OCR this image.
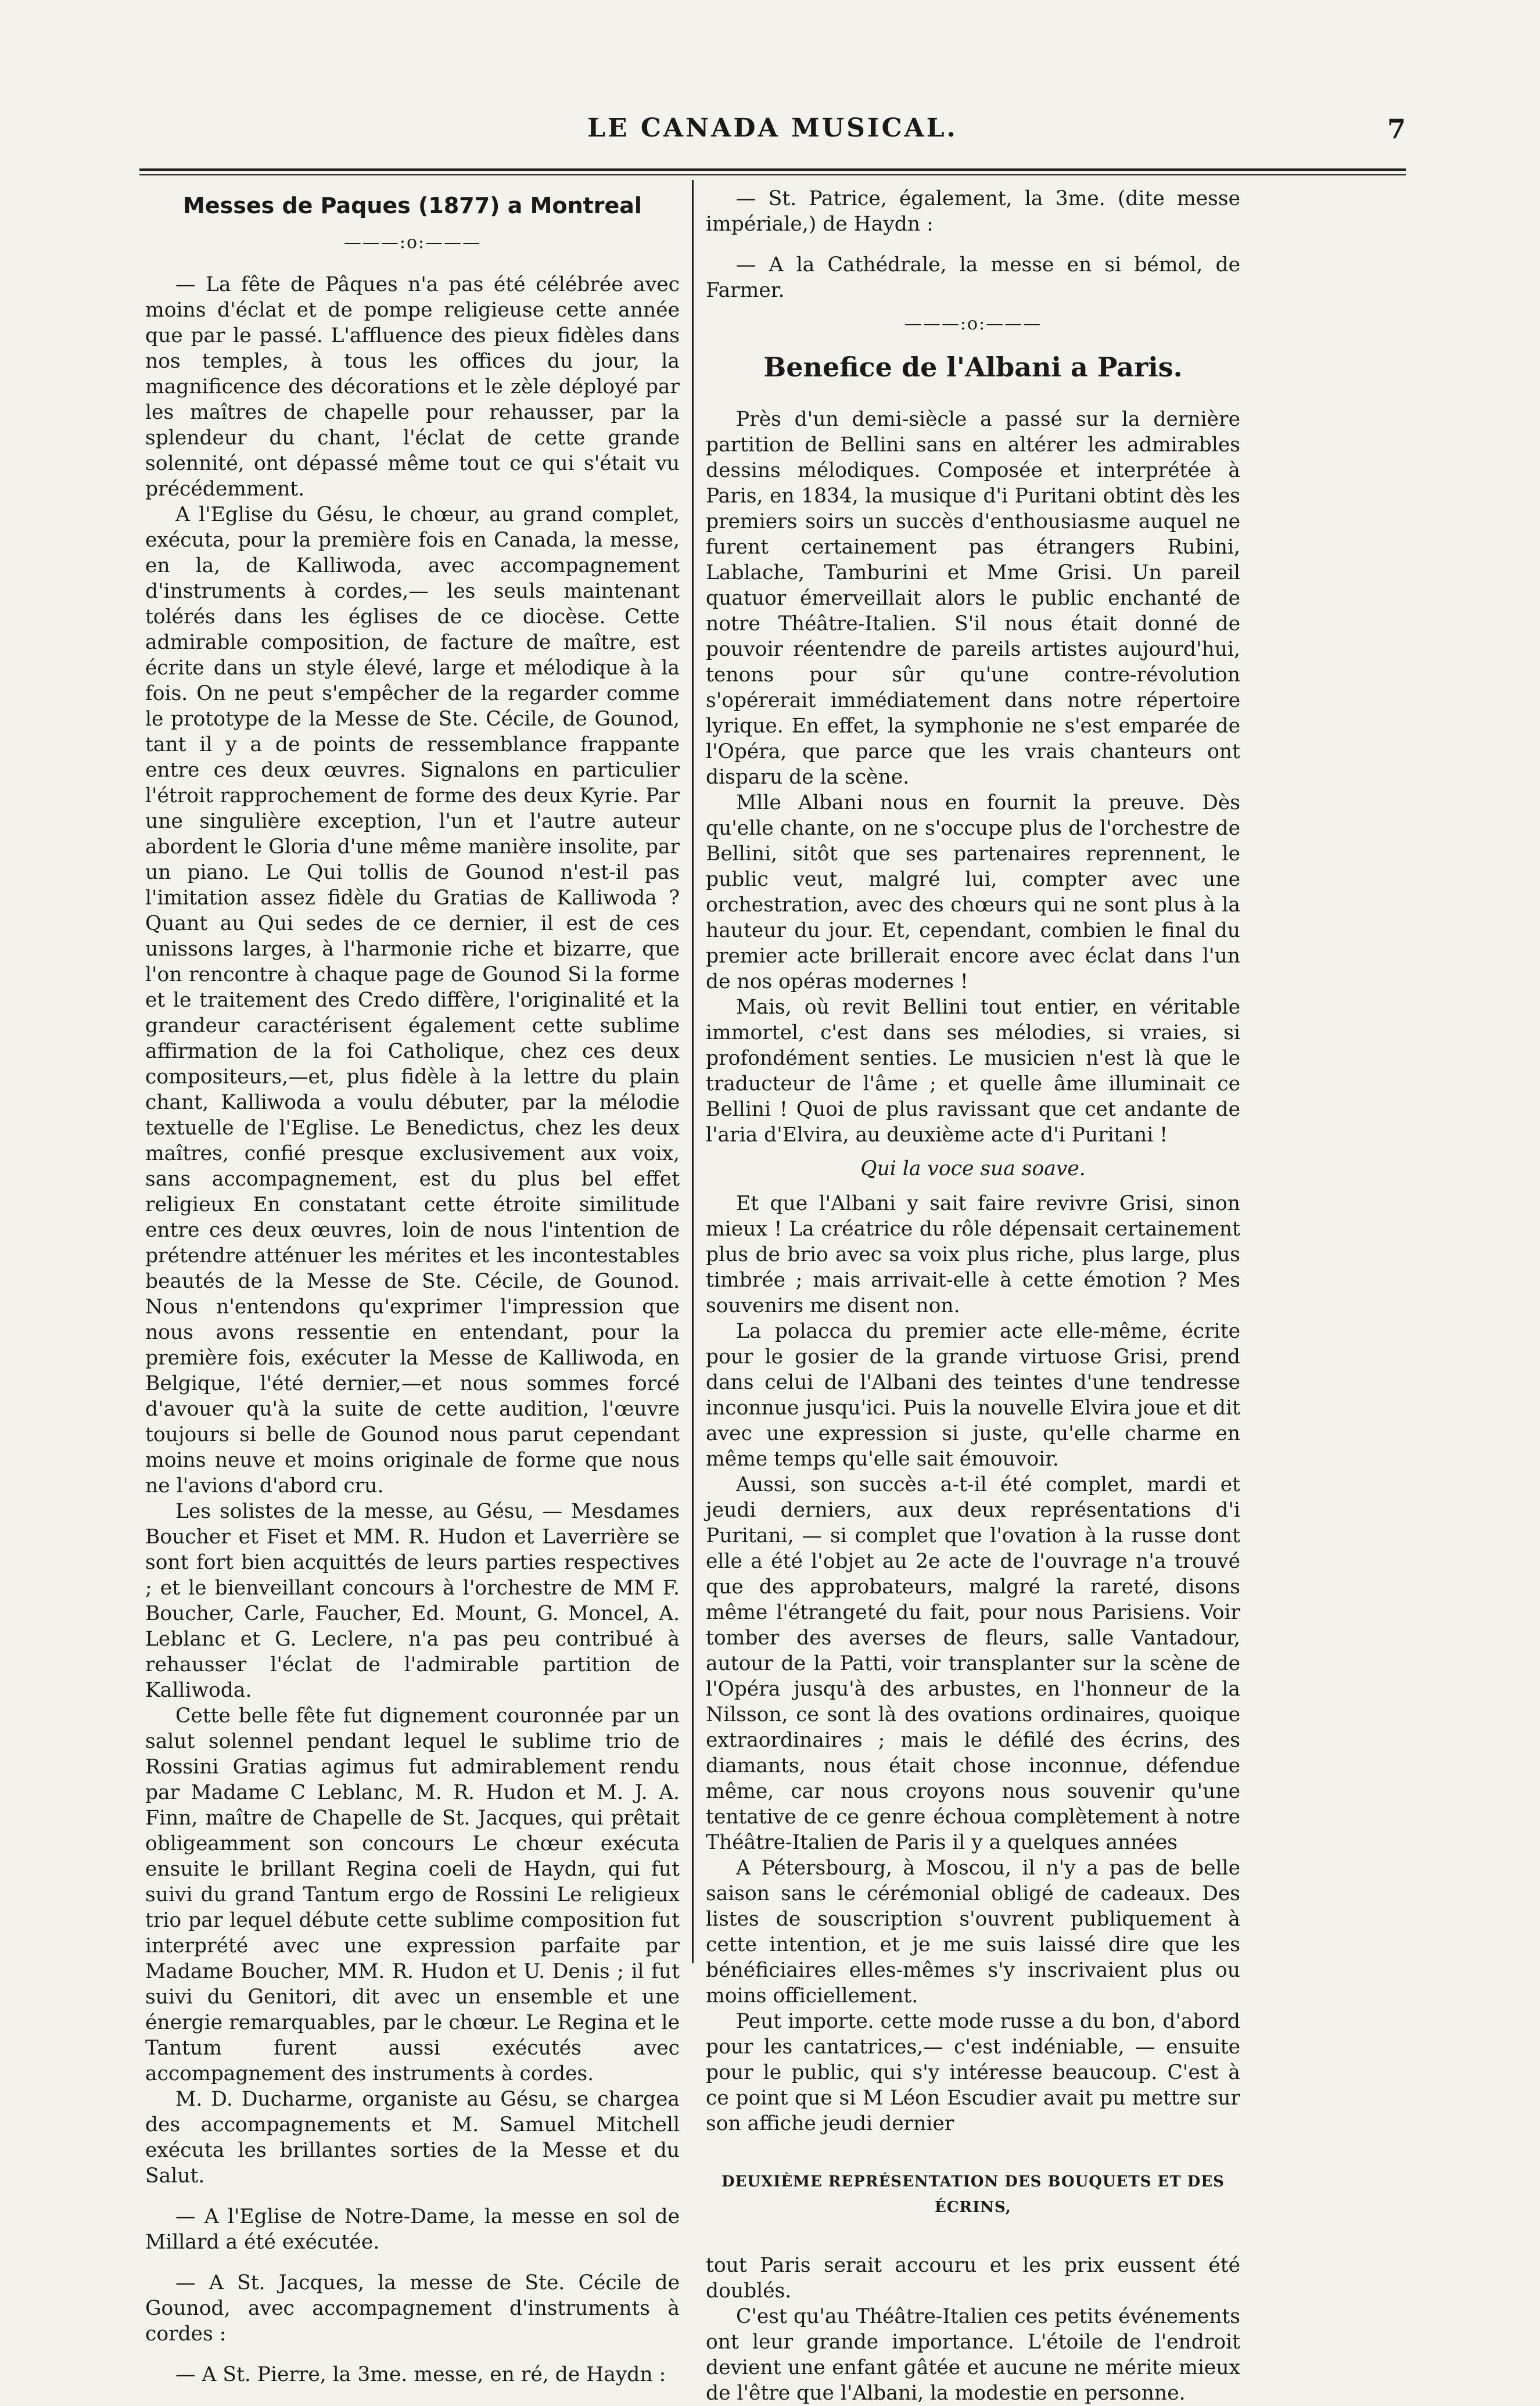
LE CANADA MUSICAL.	7
Messes de Paques (1877) a Montreal
———:o:———

— La fête de Pâques n'a pas été célébrée avec moins d'éclat et de pompe religieuse cette année que par le passé. L'affluence des pieux fidèles dans nos temples, à tous les offices du jour, la magnificence des décorations et le zèle déployé par les maîtres de chapelle pour rehausser, par la splendeur du chant, l'éclat de cette grande solennité, ont dépassé même tout ce qui s'était vu précédemment.

A l'Eglise du Gésu, le chœur, au grand complet, exécuta, pour la première fois en Canada, la messe, en la, de Kalliwoda, avec accompagnement d'instruments à cordes,— les seuls maintenant tolérés dans les églises de ce diocèse. Cette admirable composition, de facture de maître, est écrite dans un style élevé, large et mélodique à la fois. On ne peut s'empêcher de la regarder comme le prototype de la Messe de Ste. Cécile, de Gounod, tant il y a de points de ressemblance frappante entre ces deux œuvres. Signalons en particulier l'étroit rapprochement de forme des deux Kyrie. Par une singulière exception, l'un et l'autre auteur abordent le Gloria d'une même manière insolite, par un piano. Le Qui tollis de Gounod n'est-il pas l'imitation assez fidèle du Gratias de Kalliwoda ? Quant au Qui sedes de ce dernier, il est de ces unissons larges, à l'harmonie riche et bizarre, que l'on rencontre à chaque page de Gounod Si la forme et le traitement des Credo diffère, l'originalité et la grandeur caractérisent également cette sublime affirmation de la foi Catholique, chez ces deux compositeurs,—et, plus fidèle à la lettre du plain chant, Kalliwoda a voulu débuter, par la mélodie textuelle de l'Eglise. Le Benedictus, chez les deux maîtres, confié presque exclusivement aux voix, sans accompagnement, est du plus bel effet religieux En constatant cette étroite similitude entre ces deux œuvres, loin de nous l'intention de prétendre atténuer les mérites et les incontestables beautés de la Messe de Ste. Cécile, de Gounod. Nous n'entendons qu'exprimer l'impression que nous avons ressentie en entendant, pour la première fois, exécuter la Messe de Kalliwoda, en Belgique, l'été dernier,—et nous sommes forcé d'avouer qu'à la suite de cette audition, l'œuvre toujours si belle de Gounod nous parut cependant moins neuve et moins originale de forme que nous ne l'avions d'abord cru.

Les solistes de la messe, au Gésu, — Mesdames Boucher et Fiset et MM. R. Hudon et Laverrière se sont fort bien acquittés de leurs parties respectives ; et le bienveillant concours à l'orchestre de MM F. Boucher, Carle, Faucher, Ed. Mount, G. Moncel, A. Leblanc et G. Leclere, n'a pas peu contribué à rehausser l'éclat de l'admirable partition de Kalliwoda.

Cette belle fête fut dignement couronnée par un salut solennel pendant lequel le sublime trio de Rossini Gratias agimus fut admirablement rendu par Madame C Leblanc, M. R. Hudon et M. J. A. Finn, maître de Chapelle de St. Jacques, qui prêtait obligeamment son concours Le chœur exécuta ensuite le brillant Regina coeli de Haydn, qui fut suivi du grand Tantum ergo de Rossini Le religieux trio par lequel débute cette sublime composition fut interprété avec une expression parfaite par Madame Boucher, MM. R. Hudon et U. Denis ; il fut suivi du Genitori, dit avec un ensemble et une énergie remarquables, par le chœur. Le Regina et le Tantum furent aussi exécutés avec accompagnement des instruments à cordes.

M. D. Ducharme, organiste au Gésu, se chargea des accompagnements et M. Samuel Mitchell exécuta les brillantes sorties de la Messe et du Salut.

— A l'Eglise de Notre-Dame, la messe en sol de Millard a été exécutée.

— A St. Jacques, la messe de Ste. Cécile de Gounod, avec accompagnement d'instruments à cordes :

— A St. Pierre, la 3me. messe, en ré, de Haydn :

— St. Patrice, également, la 3me. (dite messe impériale,) de Haydn :

— A la Cathédrale, la messe en si bémol, de Farmer.

———:o:———
Benefice de l'Albani a Paris.

Près d'un demi-siècle a passé sur la dernière partition de Bellini sans en altérer les admirables dessins mélodiques. Composée et interprétée à Paris, en 1834, la musique d'i Puritani obtint dès les premiers soirs un succès d'enthousiasme auquel ne furent certainement pas étrangers Rubini, Lablache, Tamburini et Mme Grisi. Un pareil quatuor émerveillait alors le public enchanté de notre Théâtre-Italien. S'il nous était donné de pouvoir réentendre de pareils artistes aujourd'hui, tenons pour sûr qu'une contre-révolution s'opérerait immédiatement dans notre répertoire lyrique. En effet, la symphonie ne s'est emparée de l'Opéra, que parce que les vrais chanteurs ont disparu de la scène.

Mlle Albani nous en fournit la preuve. Dès qu'elle chante, on ne s'occupe plus de l'orchestre de Bellini, sitôt que ses partenaires reprennent, le public veut, malgré lui, compter avec une orchestration, avec des chœurs qui ne sont plus à la hauteur du jour. Et, cependant, combien le final du premier acte brillerait encore avec éclat dans l'un de nos opéras modernes !

Mais, où revit Bellini tout entier, en véritable immortel, c'est dans ses mélodies, si vraies, si profondément senties. Le musicien n'est là que le traducteur de l'âme ; et quelle âme illuminait ce Bellini ! Quoi de plus ravissant que cet andante de l'aria d'Elvira, au deuxième acte d'i Puritani !

Qui la voce sua soave.

Et que l'Albani y sait faire revivre Grisi, sinon mieux ! La créatrice du rôle dépensait certainement plus de brio avec sa voix plus riche, plus large, plus timbrée ; mais arrivait-elle à cette émotion ? Mes souvenirs me disent non.

La polacca du premier acte elle-même, écrite pour le gosier de la grande virtuose Grisi, prend dans celui de l'Albani des teintes d'une tendresse inconnue jusqu'ici. Puis la nouvelle Elvira joue et dit avec une expression si juste, qu'elle charme en même temps qu'elle sait émouvoir.

Aussi, son succès a-t-il été complet, mardi et jeudi derniers, aux deux représentations d'i Puritani, — si complet que l'ovation à la russe dont elle a été l'objet au 2e acte de l'ouvrage n'a trouvé que des approbateurs, malgré la rareté, disons même l'étrangeté du fait, pour nous Parisiens. Voir tomber des averses de fleurs, salle Vantadour, autour de la Patti, voir transplanter sur la scène de l'Opéra jusqu'à des arbustes, en l'honneur de la Nilsson, ce sont là des ovations ordinaires, quoique extraordinaires ; mais le défilé des écrins, des diamants, nous était chose inconnue, défendue même, car nous croyons nous souvenir qu'une tentative de ce genre échoua complètement à notre Théâtre-Italien de Paris il y a quelques années

A Pétersbourg, à Moscou, il n'y a pas de belle saison sans le cérémonial obligé de cadeaux. Des listes de souscription s'ouvrent publiquement à cette intention, et je me suis laissé dire que les bénéficiaires elles-mêmes s'y inscrivaient plus ou moins officiellement.

Peut importe. cette mode russe a du bon, d'abord pour les cantatrices,— c'est indéniable, — ensuite pour le public, qui s'y intéresse beaucoup. C'est à ce point que si M Léon Escudier avait pu mettre sur son affiche jeudi dernier

DEUXIÈME REPRÉSENTATION DES BOUQUETS ET DES ÉCRINS,

tout Paris serait accouru et les prix eussent été doublés.

C'est qu'au Théâtre-Italien ces petits événements ont leur grande importance. L'étoile de l'endroit devient une enfant gâtée et aucune ne mérite mieux de l'être que l'Albani, la modestie en personne.
